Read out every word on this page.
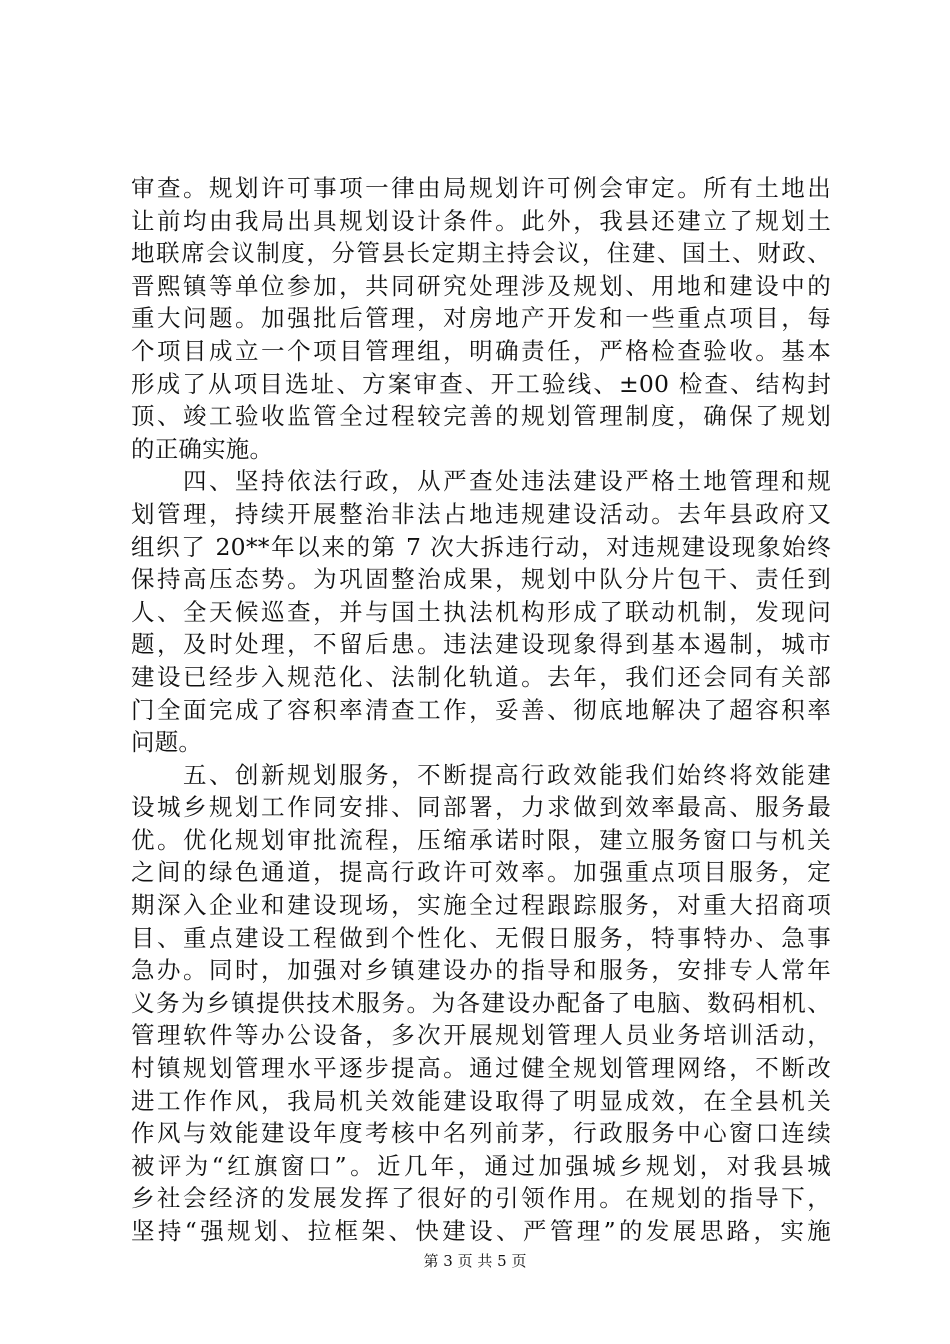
审查。规划许可事项一律由局规划许可例会审定。所有土地出
让前均由我局出具规划设计条件。此外，我县还建立了规划土
地联席会议制度，分管县长定期主持会议，住建、国土、财政、
晋熙镇等单位参加，共同研究处理涉及规划、用地和建设中的
重大问题。加强批后管理，对房地产开发和一些重点项目，每
个项目成立一个项目管理组，明确责任，严格检查验收。基本
形成了从项目选址、方案审查、开工验线、±00 检查、结构封
顶、竣工验收监管全过程较完善的规划管理制度，确保了规划
的正确实施。
　　四、坚持依法行政，从严查处违法建设严格土地管理和规
划管理，持续开展整治非法占地违规建设活动。去年县政府又
组织了 20**年以来的第 7 次大拆违行动，对违规建设现象始终
保持高压态势。为巩固整治成果，规划中队分片包干、责任到
人、全天候巡查，并与国土执法机构形成了联动机制，发现问
题，及时处理，不留后患。违法建设现象得到基本遏制，城市
建设已经步入规范化、法制化轨道。去年，我们还会同有关部
门全面完成了容积率清查工作，妥善、彻底地解决了超容积率
问题。
　　五、创新规划服务，不断提高行政效能我们始终将效能建
设城乡规划工作同安排、同部署，力求做到效率最高、服务最
优。优化规划审批流程，压缩承诺时限，建立服务窗口与机关
之间的绿色通道，提高行政许可效率。加强重点项目服务，定
期深入企业和建设现场，实施全过程跟踪服务，对重大招商项
目、重点建设工程做到个性化、无假日服务，特事特办、急事
急办。同时，加强对乡镇建设办的指导和服务，安排专人常年
义务为乡镇提供技术服务。为各建设办配备了电脑、数码相机、
管理软件等办公设备，多次开展规划管理人员业务培训活动，
村镇规划管理水平逐步提高。通过健全规划管理网络，不断改
进工作作风，我局机关效能建设取得了明显成效，在全县机关
作风与效能建设年度考核中名列前茅，行政服务中心窗口连续
被评为“红旗窗口”。近几年，通过加强城乡规划，对我县城
乡社会经济的发展发挥了很好的引领作用。在规划的指导下，
坚持“强规划、拉框架、快建设、严管理”的发展思路，实施
第 3 页 共 5 页
